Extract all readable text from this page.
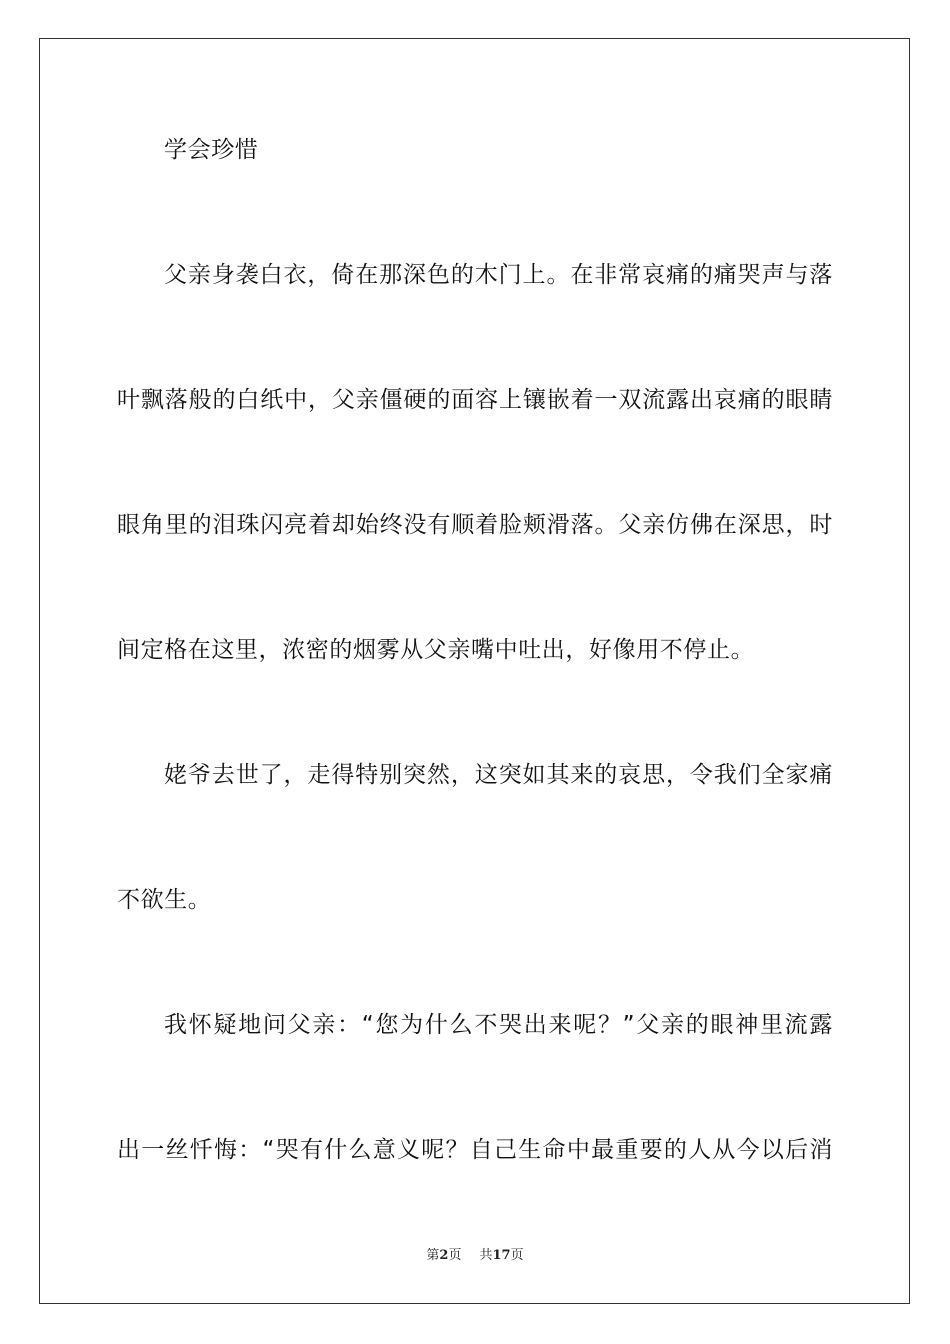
学会珍惜
父亲身袭白衣，倚在那深色的木门上。在非常哀痛的痛哭声与落
叶飘落般的白纸中，父亲僵硬的面容上镶嵌着一双流露出哀痛的眼睛
眼角里的泪珠闪亮着却始终没有顺着脸颊滑落。父亲仿佛在深思，时
间定格在这里，浓密的烟雾从父亲嘴中吐出，好像用不停止。
姥爷去世了，走得特别突然，这突如其来的哀思，令我们全家痛
不欲生。
我怀疑地问父亲：“您为什么不哭出来呢？”父亲的眼神里流露
出一丝忏悔：“哭有什么意义呢？自己生命中最重要的人从今以后消
第2页 共17页
